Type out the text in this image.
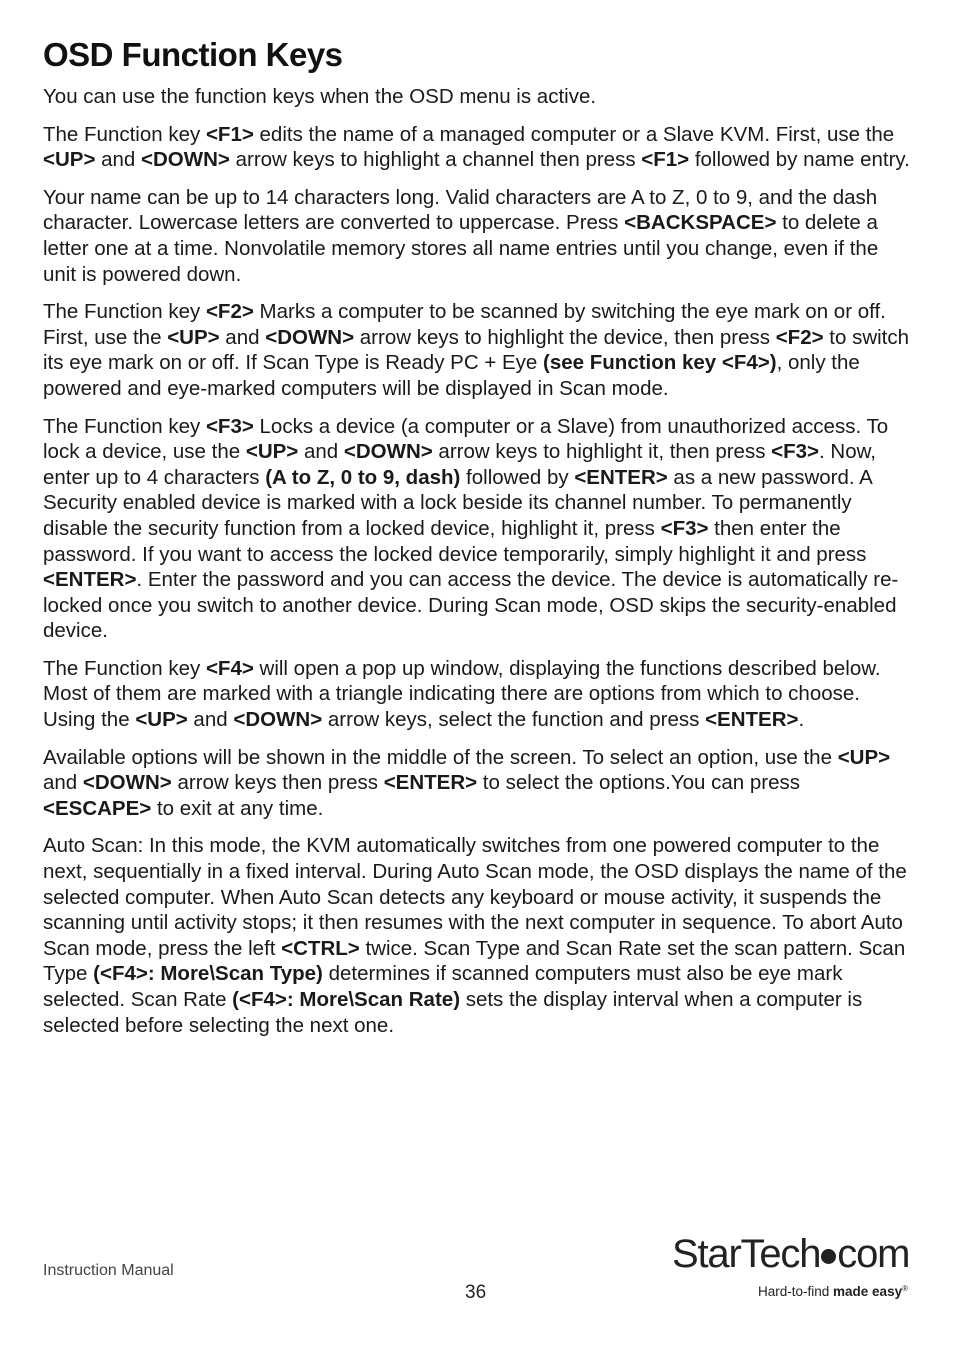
OSD Function Keys

You can use the function keys when the OSD menu is active.

The Function key <F1> edits the name of a managed computer or a Slave KVM. First, use the <UP> and <DOWN> arrow keys to highlight a channel then press <F1> followed by name entry.

Your name can be up to 14 characters long. Valid characters are A to Z, 0 to 9, and the dash character. Lowercase letters are converted to uppercase. Press <BACKSPACE> to delete a letter one at a time. Nonvolatile memory stores all name entries until you change, even if the unit is powered down.

The Function key <F2> Marks a computer to be scanned by switching the eye mark on or off. First, use the <UP> and <DOWN> arrow keys to highlight the device, then press <F2> to switch its eye mark on or off. If Scan Type is Ready PC + Eye (see Function key <F4>), only the powered and eye-marked computers will be displayed in Scan mode.

The Function key <F3> Locks a device (a computer or a Slave) from unauthorized access. To lock a device, use the <UP> and <DOWN> arrow keys to highlight it, then press <F3>. Now, enter up to 4 characters (A to Z, 0 to 9, dash) followed by <ENTER> as a new password. A Security enabled device is marked with a lock beside its channel number. To permanently disable the security function from a locked device, highlight it, press <F3> then enter the password. If you want to access the locked device temporarily, simply highlight it and press <ENTER>. Enter the password and you can access the device. The device is automatically re-locked once you switch to another device. During Scan mode, OSD skips the security-enabled device.

The Function key <F4> will open a pop up window, displaying the functions described below. Most of them are marked with a triangle indicating there are options from which to choose. Using the <UP> and <DOWN> arrow keys, select the function and press <ENTER>.

Available options will be shown in the middle of the screen. To select an option, use the <UP> and <DOWN> arrow keys then press <ENTER> to select the options.You can press <ESCAPE> to exit at any time.

Auto Scan: In this mode, the KVM automatically switches from one powered computer to the next, sequentially in a fixed interval. During Auto Scan mode, the OSD displays the name of the selected computer. When Auto Scan detects any keyboard or mouse activity, it suspends the scanning until activity stops; it then resumes with the next computer in sequence. To abort Auto Scan mode, press the left <CTRL> twice. Scan Type and Scan Rate set the scan pattern. Scan Type (<F4>: More\Scan Type) determines if scanned computers must also be eye mark selected. Scan Rate (<F4>: More\Scan Rate) sets the display interval when a computer is selected before selecting the next one.

Instruction Manual
36
StarTech com
Hard-to-find made easy®
